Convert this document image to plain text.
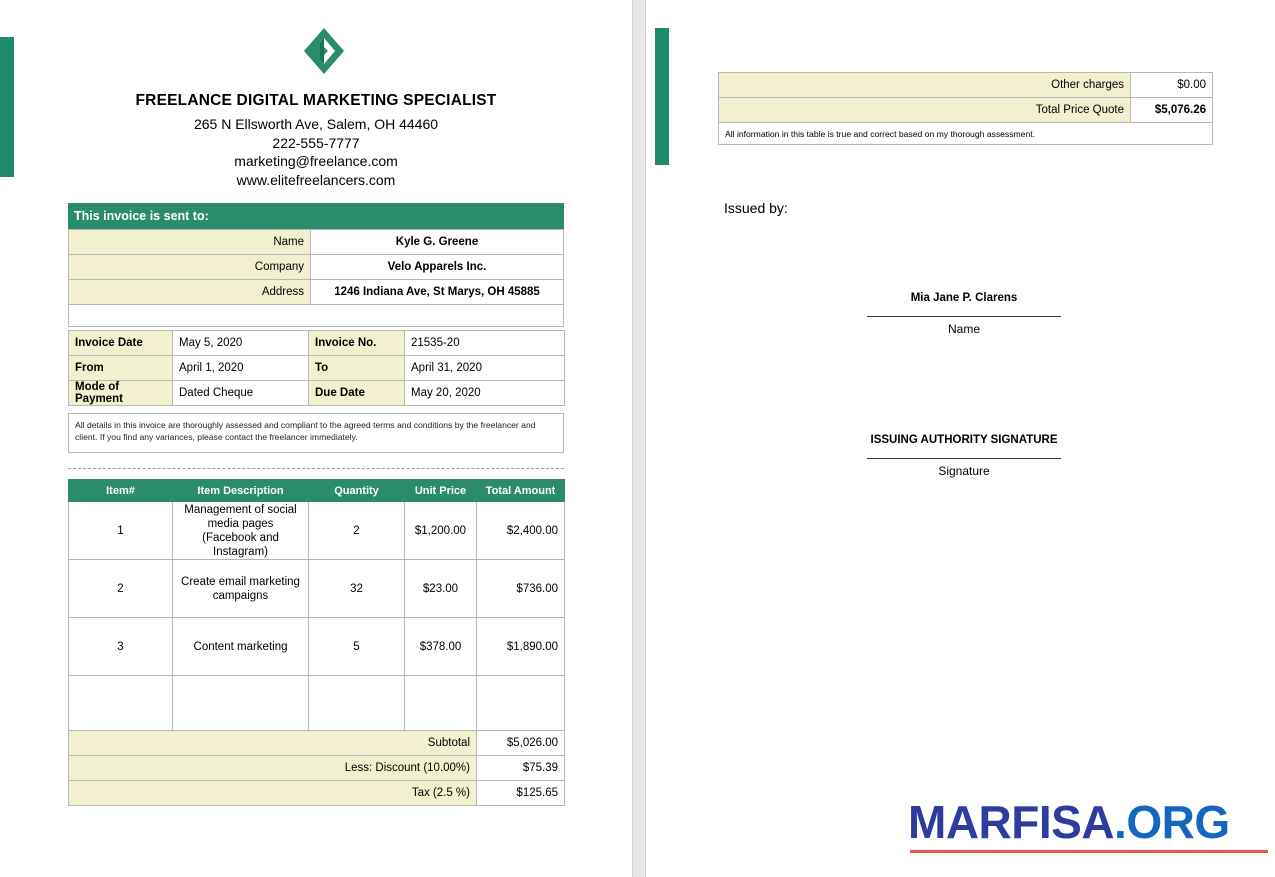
FREELANCE DIGITAL MARKETING SPECIALIST
265 N Ellsworth Ave, Salem, OH 44460
222-555-7777
marketing@freelance.com
www.elitefreelancers.com
This invoice is sent to:
Name	Kyle G. Greene
Company	Velo Apparels Inc.
Address	1246 Indiana Ave, St Marys, OH 45885

Invoice Date	May 5, 2020	Invoice No.	21535-20
From	April 1, 2020	To	April 31, 2020
Mode of Payment	Dated Cheque	Due Date	May 20, 2020
All details in this invoice are thoroughly assessed and compliant to the agreed terms and conditions by the freelancer and client. If you find any variances, please contact the freelancer immediately.
Item#	Item Description	Quantity	Unit Price	Total Amount
1	Management of social media pages (Facebook and Instagram)	2	$1,200.00	$2,400.00
2	Create email marketing campaigns	32	$23.00	$736.00
3	Content marketing	5	$378.00	$1,890.00

Subtotal				$5,026.00
Less: Discount (10.00%)				$75.39
Tax (2.5 %)				$125.65
Other charges	$0.00
Total Price Quote	$5,076.26
All information in this table is true and correct based on my thorough assessment.	
Issued by:
Mia Jane P. Clarens
Name
ISSUING AUTHORITY SIGNATURE
Signature
MARFISA.ORG
